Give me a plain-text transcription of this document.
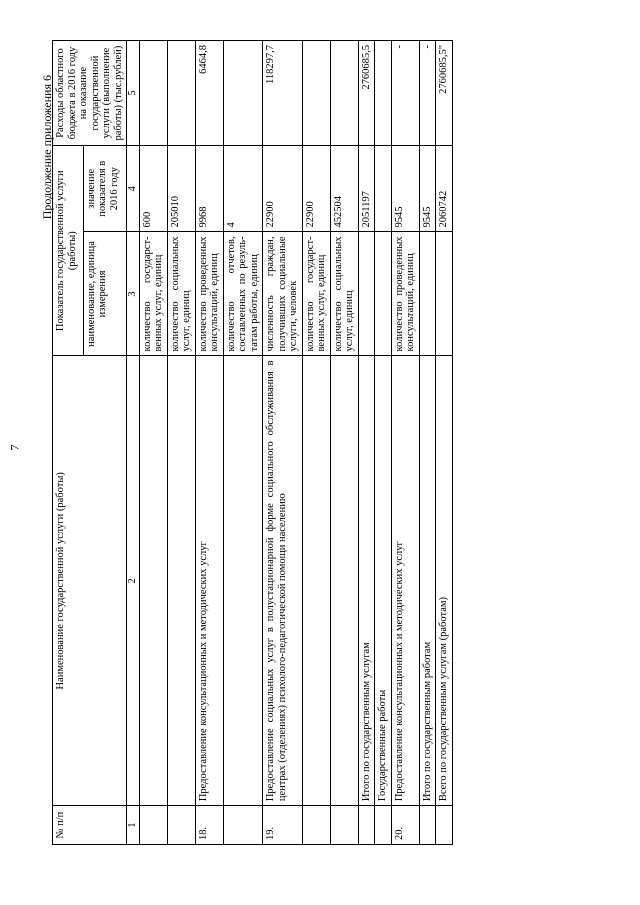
7
Продолжение приложения 6
№ п/п	Наименование государственной услуги (работы)	Показатель государственной услуги (работы)		Расходы областного бюджета в 2016 году на оказание государственной услуги (выполнение работы) (тыс.рублей)
		наименование, единица измерения	значение показателя в 2016 году	
1	2	3	4	5
		количество государст-венных услуг, единиц	600	
		количество социальных услуг, единиц	205010	
18.	Предоставление консультационных и методических услуг	количество проведенных консультаций, единиц	9968	6464,8
		количество отчетов, составленных по резуль-татам работы, единиц	4	
19.	Предоставление социальных услуг в полустационарной форме социального обслуживания в центрах (отделениях) психолого-педагогической помощи населению	численность граждан, получивших социальные услуги, человек	22900	118297,7
		количество государст-венных услуг, единиц	22900	
		количество социальных услуг, единиц	452504	
	Итого по государственным услугам		2051197	2760685,5
	Государственные работы			
20.	Предоставление консультационных и методических услуг	количество проведенных консультаций, единиц	9545	-
	Итого по государственным работам		9545	-
	Всего по государственным услугам (работам)		2060742	2760685,5"
